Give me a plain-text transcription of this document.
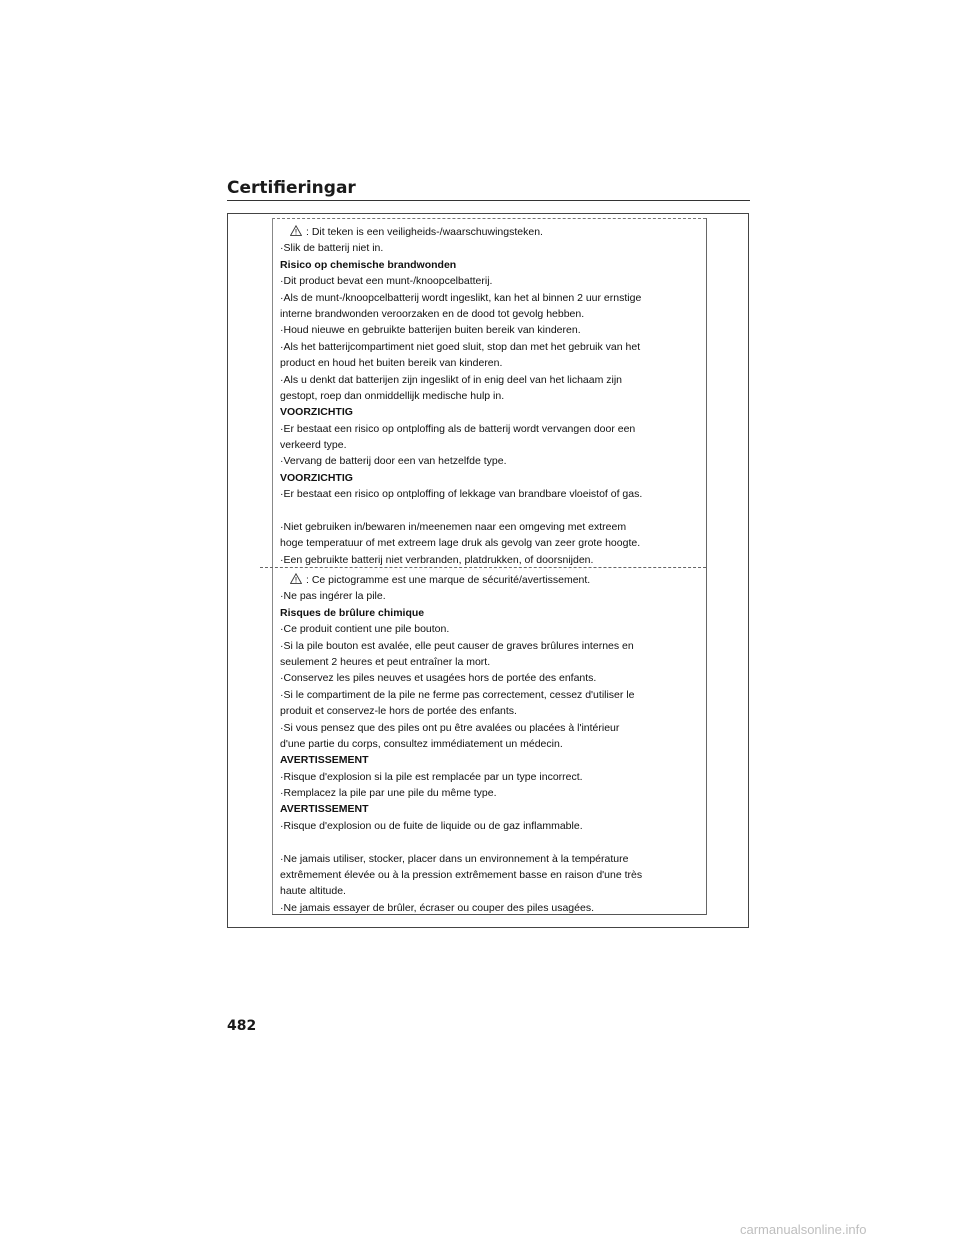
Certifieringar
: Dit teken is een veiligheids-/waarschuwingsteken.
·Slik de batterij niet in.
Risico op chemische brandwonden
·Dit product bevat een munt-/knoopcelbatterij.
·Als de munt-/knoopcelbatterij wordt ingeslikt, kan het al binnen 2 uur ernstige
interne brandwonden veroorzaken en de dood tot gevolg hebben.
·Houd nieuwe en gebruikte batterijen buiten bereik van kinderen.
·Als het batterijcompartiment niet goed sluit, stop dan met het gebruik van het
product en houd het buiten bereik van kinderen.
·Als u denkt dat batterijen zijn ingeslikt of in enig deel van het lichaam zijn
gestopt, roep dan onmiddellijk medische hulp in.
VOORZICHTIG
·Er bestaat een risico op ontploffing als de batterij wordt vervangen door een
verkeerd type.
·Vervang de batterij door een van hetzelfde type.
VOORZICHTIG
·Er bestaat een risico op ontploffing of lekkage van brandbare vloeistof of gas.
·Niet gebruiken in/bewaren in/meenemen naar een omgeving met extreem
hoge temperatuur of met extreem lage druk als gevolg van zeer grote hoogte.
·Een gebruikte batterij niet verbranden, platdrukken, of doorsnijden.
: Ce pictogramme est une marque de sécurité/avertissement.
·Ne pas ingérer la pile.
Risques de brûlure chimique
·Ce produit contient une pile bouton.
·Si la pile bouton est avalée, elle peut causer de graves brûlures internes en
seulement 2 heures et peut entraîner la mort.
·Conservez les piles neuves et usagées hors de portée des enfants.
·Si le compartiment de la pile ne ferme pas correctement, cessez d'utiliser le
produit et conservez-le hors de portée des enfants.
·Si vous pensez que des piles ont pu être avalées ou placées à l'intérieur
d'une partie du corps, consultez immédiatement un médecin.
AVERTISSEMENT
·Risque d'explosion si la pile est remplacée par un type incorrect.
·Remplacez la pile par une pile du même type.
AVERTISSEMENT
·Risque d'explosion ou de fuite de liquide ou de gaz inflammable.
·Ne jamais utiliser, stocker, placer dans un environnement à la température
extrêmement élevée ou à la pression extrêmement basse en raison d'une très
haute altitude.
·Ne jamais essayer de brûler, écraser ou couper des piles usagées.
482
carmanualsonline.info
